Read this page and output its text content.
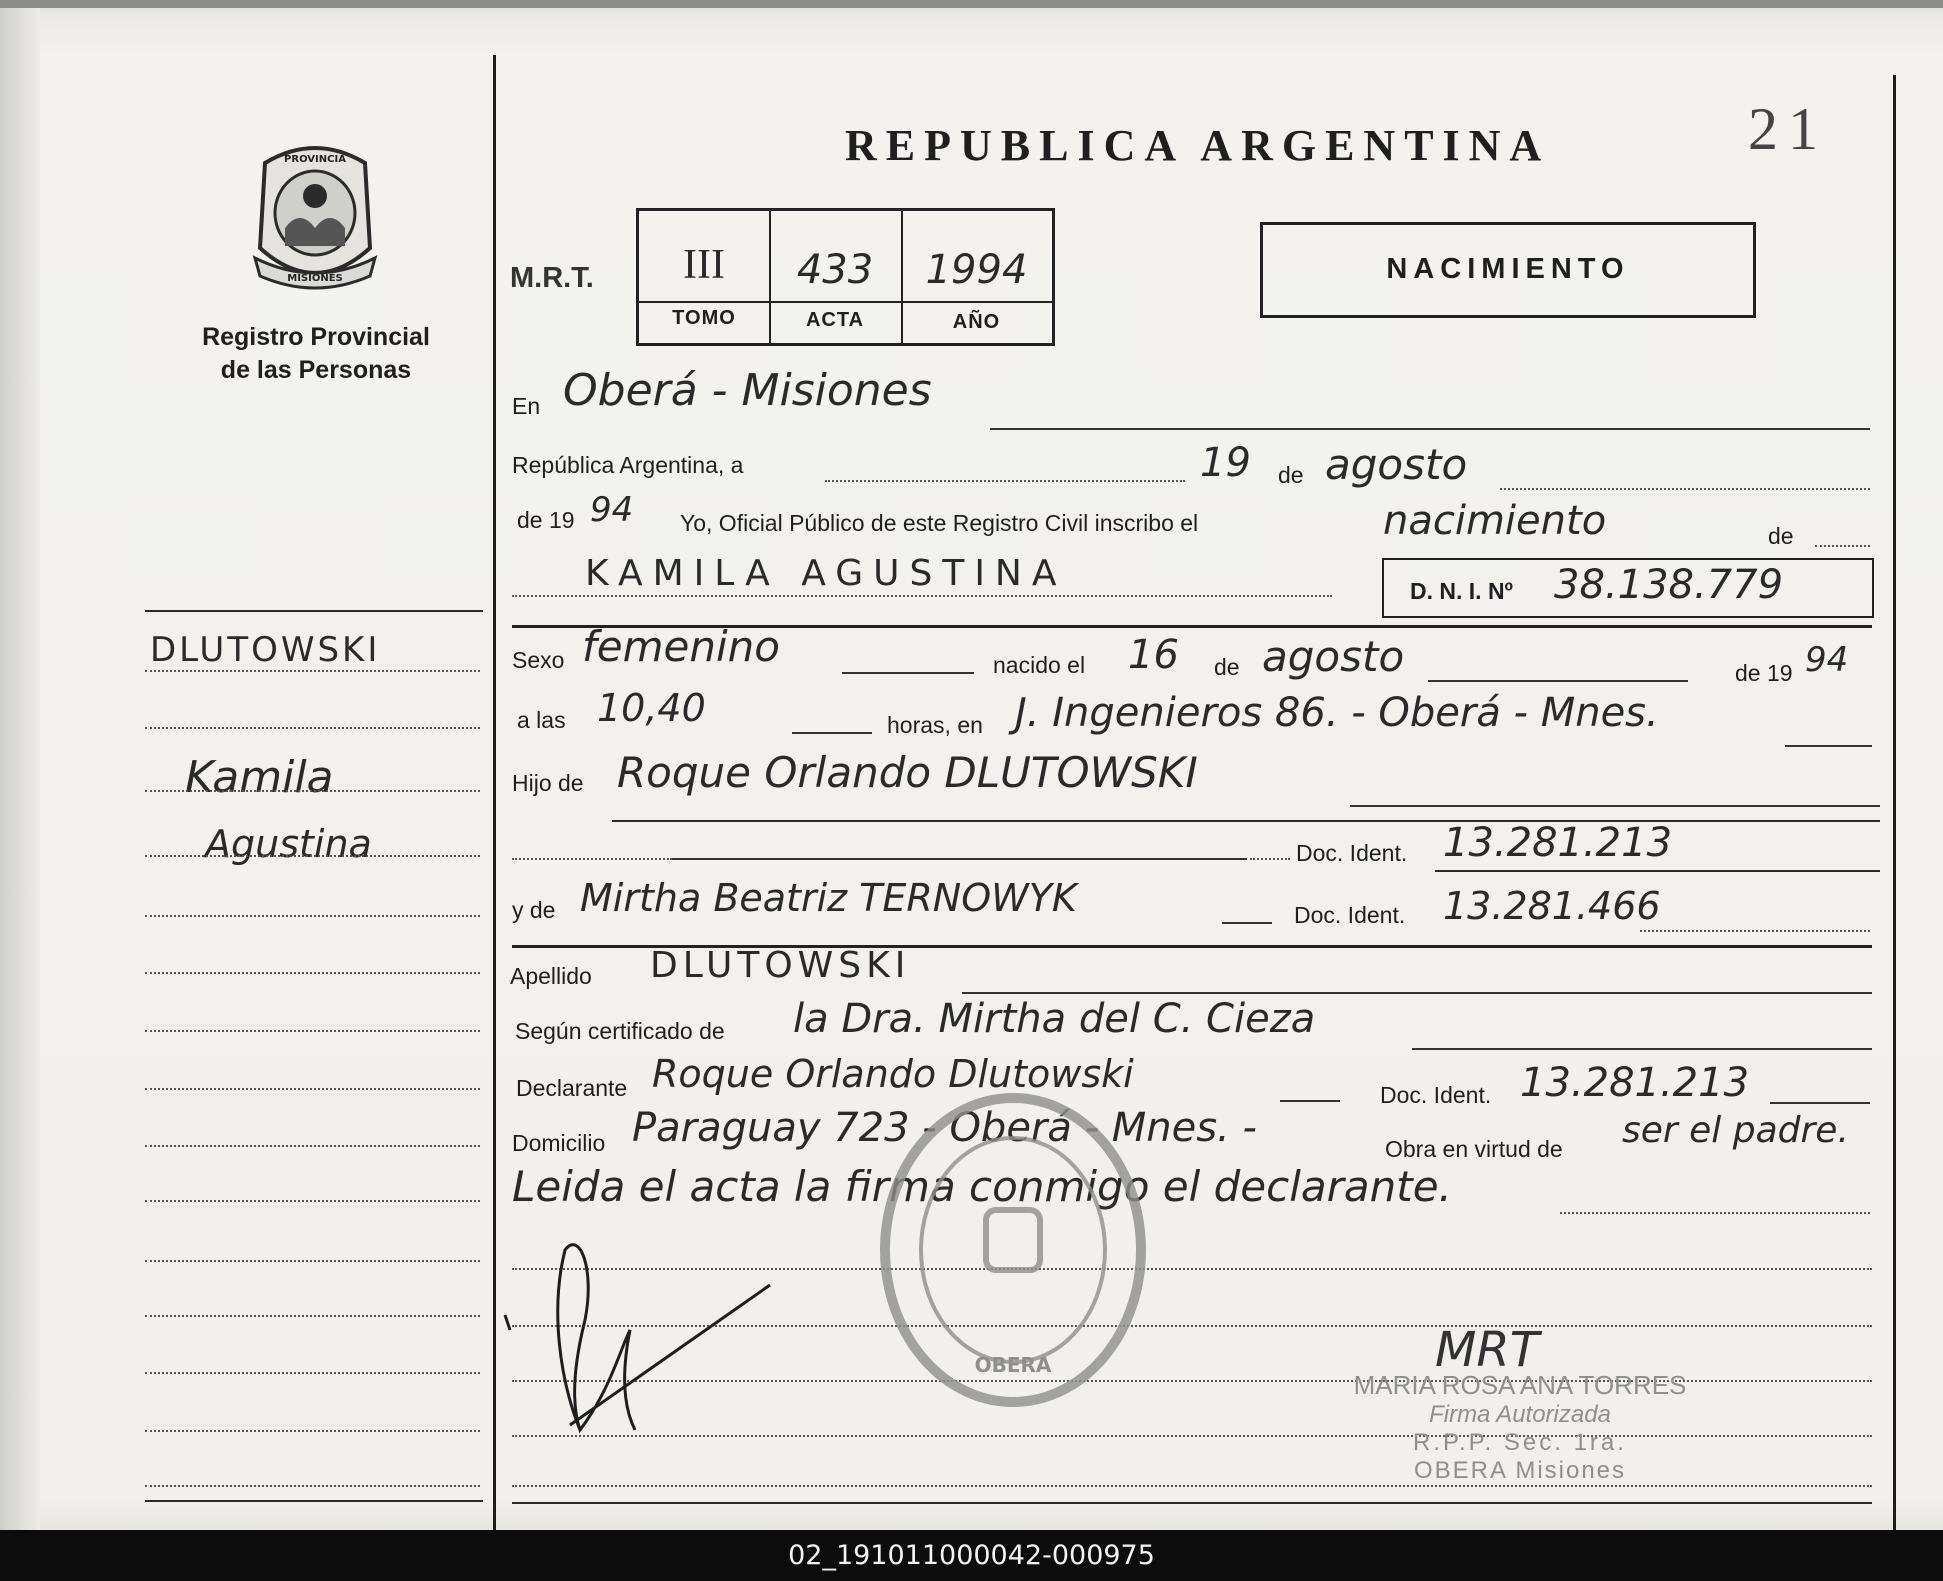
PROVINCIA
MISIONES
Registro Provincial
de las Personas
REPUBLICA ARGENTINA	21
M.R.T.	III	433	1994
TOMO	ACTA	AÑO
NACIMIENTO
DLUTOWSKI
Kamila
Agustina
En Oberá - Misiones
República Argentina, a	19 de agosto
de 19 94 Yo, Oficial Público de este Registro Civil inscribo el	nacimiento	de
KAMILA AGUSTINA	D. N. I. Nº 38.138.779
Sexo femenino	nacido el 16 de agosto	de 19 94
a las 10,40	horas, en J. Ingenieros 86. - Oberá - Mnes.
Hijo de Roque Orlando DLUTOWSKI
Doc. Ident. 13.281.213
y de Mirtha Beatriz TERNOWYK	Doc. Ident. 13.281.466
Apellido DLUTOWSKI
Según certificado de la Dra. Mirtha del C. Cieza
Declarante Roque Orlando Dlutowski	Doc. Ident. 13.281.213
Domicilio Paraguay 723 - Oberá - Mnes. -	Obra en virtud de ser el padre.
Leida el acta la firma conmigo el declarante.
OBERA
MARIA ROSA ANA TORRES
Firma Autorizada
R.P.P. Sec. 1ra.
OBERA Misiones
MRT
02_191011000042-000975
